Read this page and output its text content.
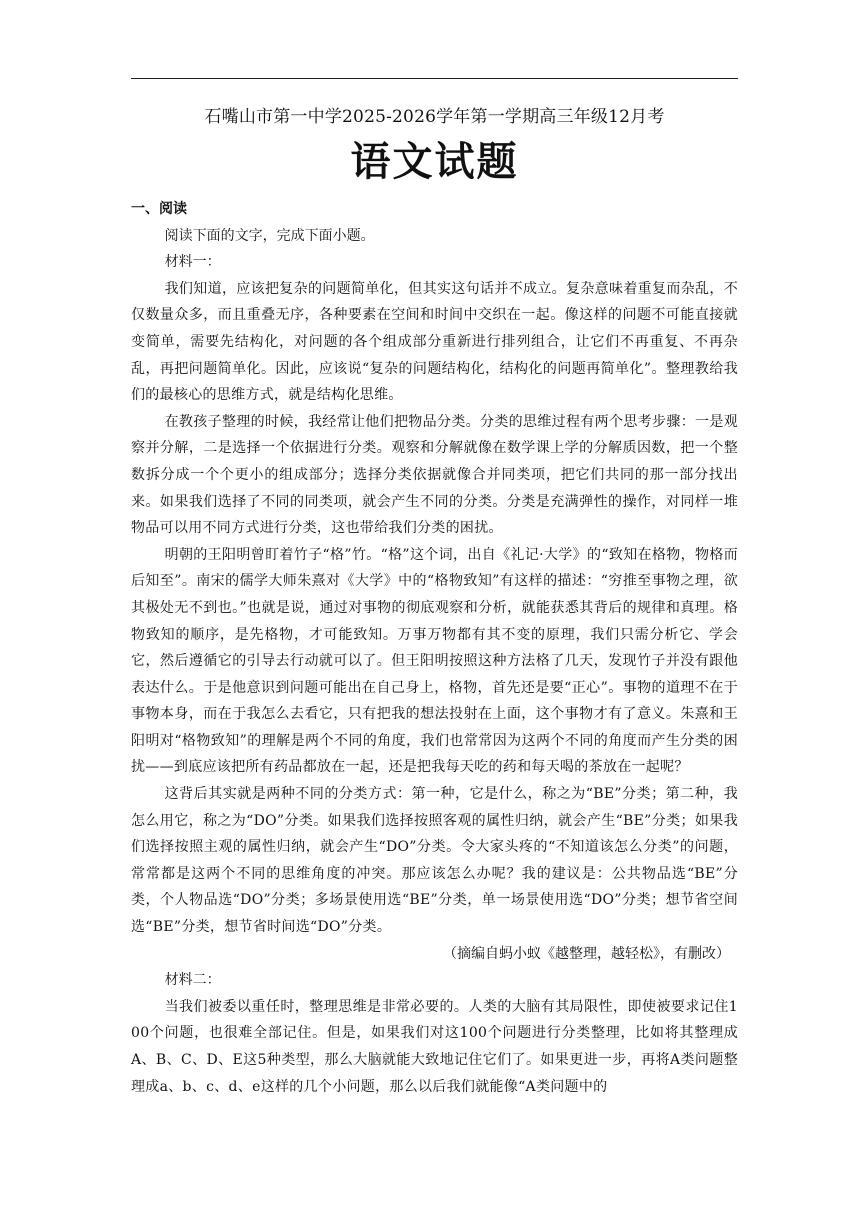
石嘴山市第一中学2025-2026学年第一学期高三年级12月考
语文试题

一、阅读

阅读下面的文字，完成下面小题。

材料一：

我们知道，应该把复杂的问题简单化，但其实这句话并不成立。复杂意味着重复而杂乱，不仅数量众多，而且重叠无序，各种要素在空间和时间中交织在一起。像这样的问题不可能直接就变简单，需要先结构化，对问题的各个组成部分重新进行排列组合，让它们不再重复、不再杂乱，再把问题简单化。因此，应该说“复杂的问题结构化，结构化的问题再简单化”。整理教给我们的最核心的思维方式，就是结构化思维。

在教孩子整理的时候，我经常让他们把物品分类。分类的思维过程有两个思考步骤：一是观察并分解，二是选择一个依据进行分类。观察和分解就像在数学课上学的分解质因数，把一个整数拆分成一个个更小的组成部分；选择分类依据就像合并同类项，把它们共同的那一部分找出来。如果我们选择了不同的同类项，就会产生不同的分类。分类是充满弹性的操作，对同样一堆物品可以用不同方式进行分类，这也带给我们分类的困扰。

明朝的王阳明曾盯着竹子“格”竹。“格”这个词，出自《礼记·大学》的“致知在格物，物格而后知至”。南宋的儒学大师朱熹对《大学》中的“格物致知”有这样的描述：“穷推至事物之理，欲其极处无不到也。”也就是说，通过对事物的彻底观察和分析，就能获悉其背后的规律和真理。格物致知的顺序，是先格物，才可能致知。万事万物都有其不变的原理，我们只需分析它、学会它，然后遵循它的引导去行动就可以了。但王阳明按照这种方法格了几天，发现竹子并没有跟他表达什么。于是他意识到问题可能出在自己身上，格物，首先还是要“正心”。事物的道理不在于事物本身，而在于我怎么去看它，只有把我的想法投射在上面，这个事物才有了意义。朱熹和王阳明对“格物致知”的理解是两个不同的角度，我们也常常因为这两个不同的角度而产生分类的困扰——到底应该把所有药品都放在一起，还是把我每天吃的药和每天喝的茶放在一起呢？

这背后其实就是两种不同的分类方式：第一种，它是什么，称之为“BE”分类；第二种，我怎么用它，称之为“DO”分类。如果我们选择按照客观的属性归纳，就会产生“BE”分类；如果我们选择按照主观的属性归纳，就会产生“DO”分类。令大家头疼的“不知道该怎么分类”的问题，常常都是这两个不同的思维角度的冲突。那应该怎么办呢？我的建议是：公共物品选“BE”分类，个人物品选“DO”分类；多场景使用选“BE”分类，单一场景使用选“DO”分类；想节省空间选“BE”分类，想节省时间选“DO”分类。

（摘编自蚂小蚁《越整理，越轻松》，有删改）

材料二：

当我们被委以重任时，整理思维是非常必要的。人类的大脑有其局限性，即使被要求记住100个问题，也很难全部记住。但是，如果我们对这100个问题进行分类整理，比如将其整理成A、B、C、D、E这5种类型，那么大脑就能大致地记住它们了。如果更进一步，再将A类问题整理成a、b、c、d、e这样的几个小问题，那么以后我们就能像“A类问题中的
